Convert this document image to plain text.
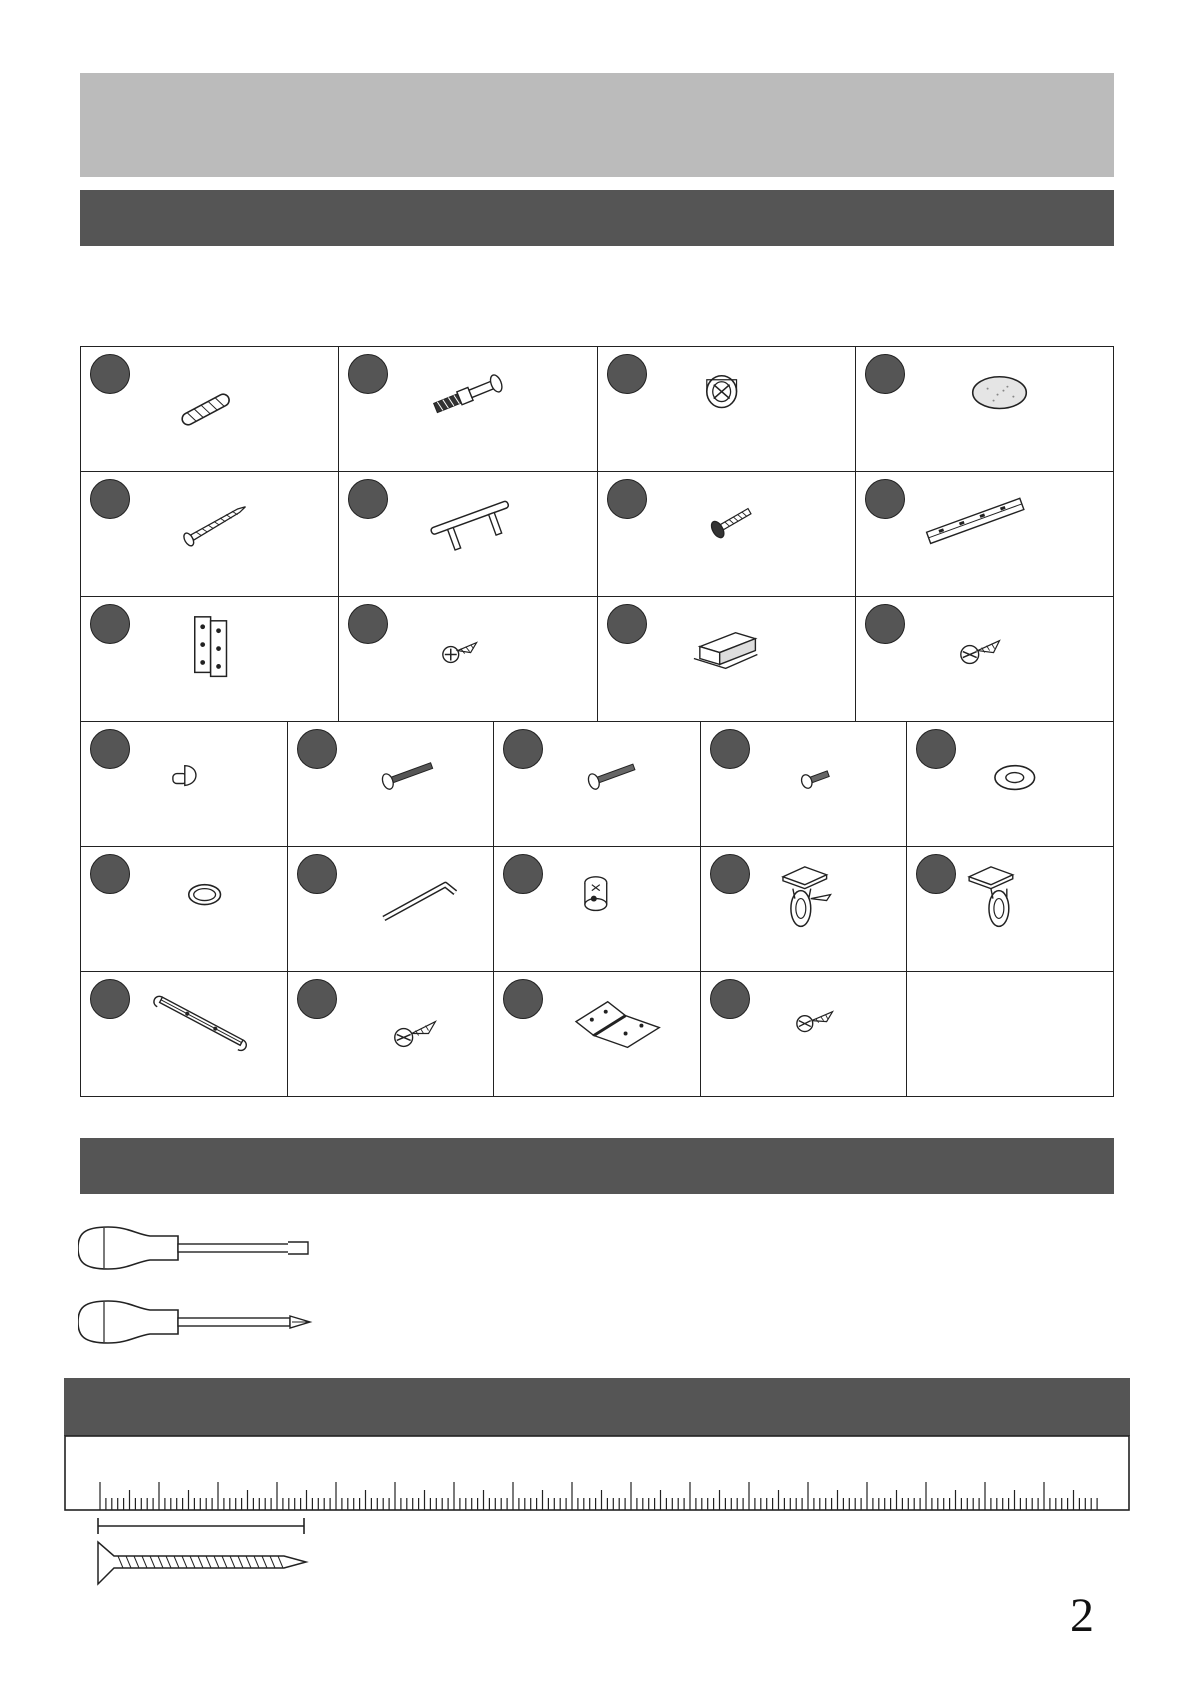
2
